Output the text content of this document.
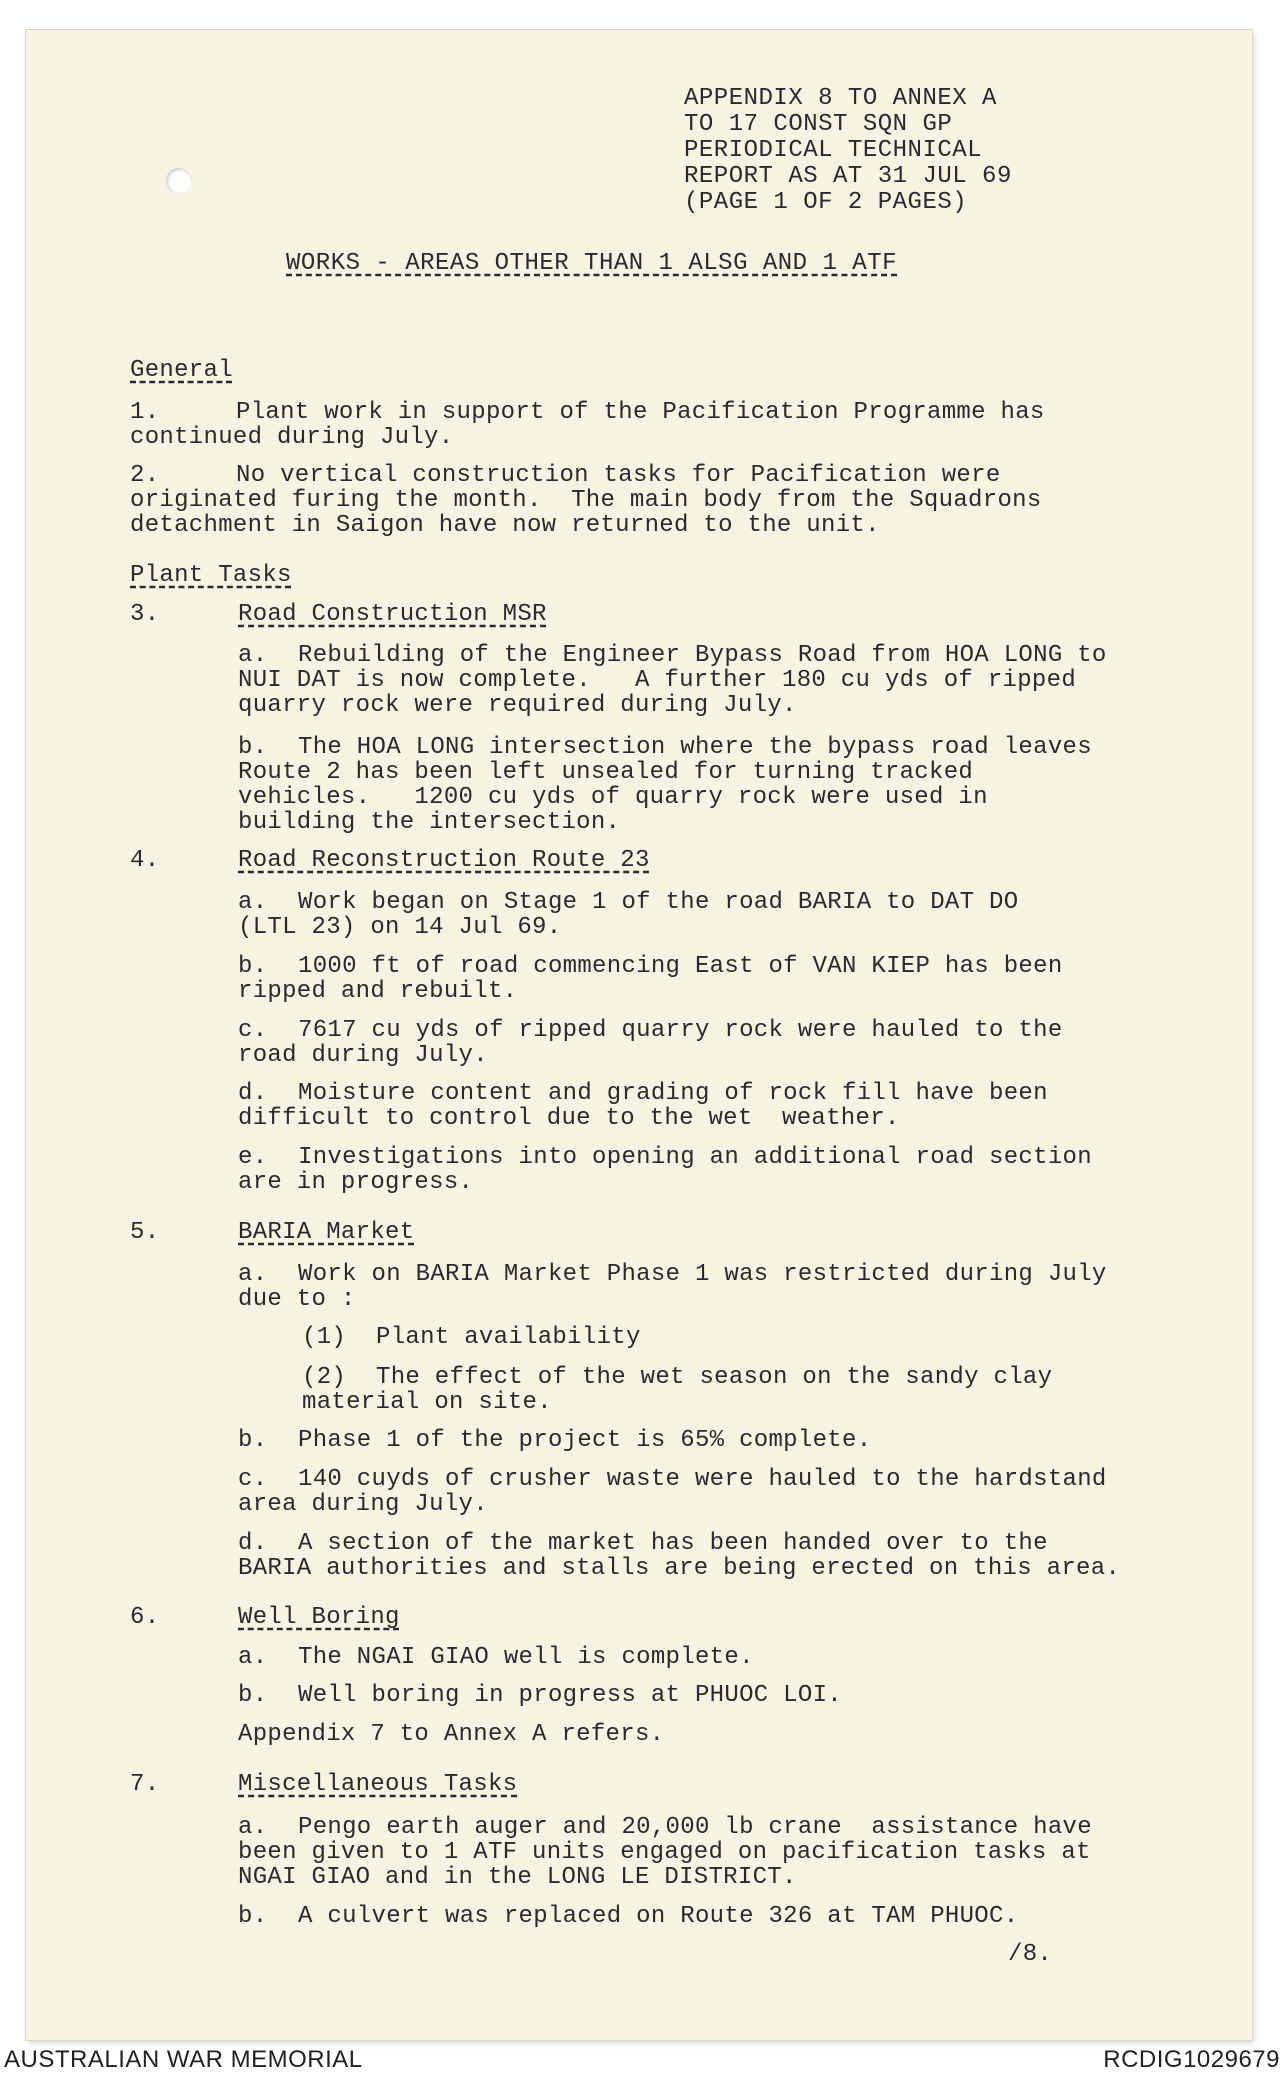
APPENDIX 8 TO ANNEX A
TO 17 CONST SQN GP
PERIODICAL TECHNICAL
REPORT AS AT 31 JUL 69
(PAGE 1 OF 2 PAGES)
WORKS - AREAS OTHER THAN 1 ALSG AND 1 ATF
General
1.	Plant work in support of the Pacification Programme has
continued during July.
2.	No vertical construction tasks for Pacification were
originated furing the month.  The main body from the Squadrons
detachment in Saigon have now returned to the unit.
Plant Tasks
3.	Road Construction MSR
a. Rebuilding of the Engineer Bypass Road from HOA LONG to
NUI DAT is now complete.   A further 180 cu yds of ripped
quarry rock were required during July.
b. The HOA LONG intersection where the bypass road leaves
Route 2 has been left unsealed for turning tracked
vehicles.   1200 cu yds of quarry rock were used in
building the intersection.
4.	Road Reconstruction Route 23
a. Work began on Stage 1 of the road BARIA to DAT DO
(LTL 23) on 14 Jul 69.
b. 1000 ft of road commencing East of VAN KIEP has been
ripped and rebuilt.
c. 7617 cu yds of ripped quarry rock were hauled to the
road during July.
d. Moisture content and grading of rock fill have been
difficult to control due to the wet  weather.
e. Investigations into opening an additional road section
are in progress.
5.	BARIA Market
a. Work on BARIA Market Phase 1 was restricted during July
due to :
(1) Plant availability
(2) The effect of the wet season on the sandy clay
material on site.
b. Phase 1 of the project is 65% complete.
c. 140 cuyds of crusher waste were hauled to the hardstand
area during July.
d. A section of the market has been handed over to the
BARIA authorities and stalls are being erected on this area.
6.	Well Boring
a. The NGAI GIAO well is complete.
b. Well boring in progress at PHUOC LOI.
Appendix 7 to Annex A refers.
7.	Miscellaneous Tasks
a. Pengo earth auger and 20,000 lb crane  assistance have
been given to 1 ATF units engaged on pacification tasks at
NGAI GIAO and in the LONG LE DISTRICT.
b. A culvert was replaced on Route 326 at TAM PHUOC.
/8.
AUSTRALIAN WAR MEMORIAL	RCDIG1029679
